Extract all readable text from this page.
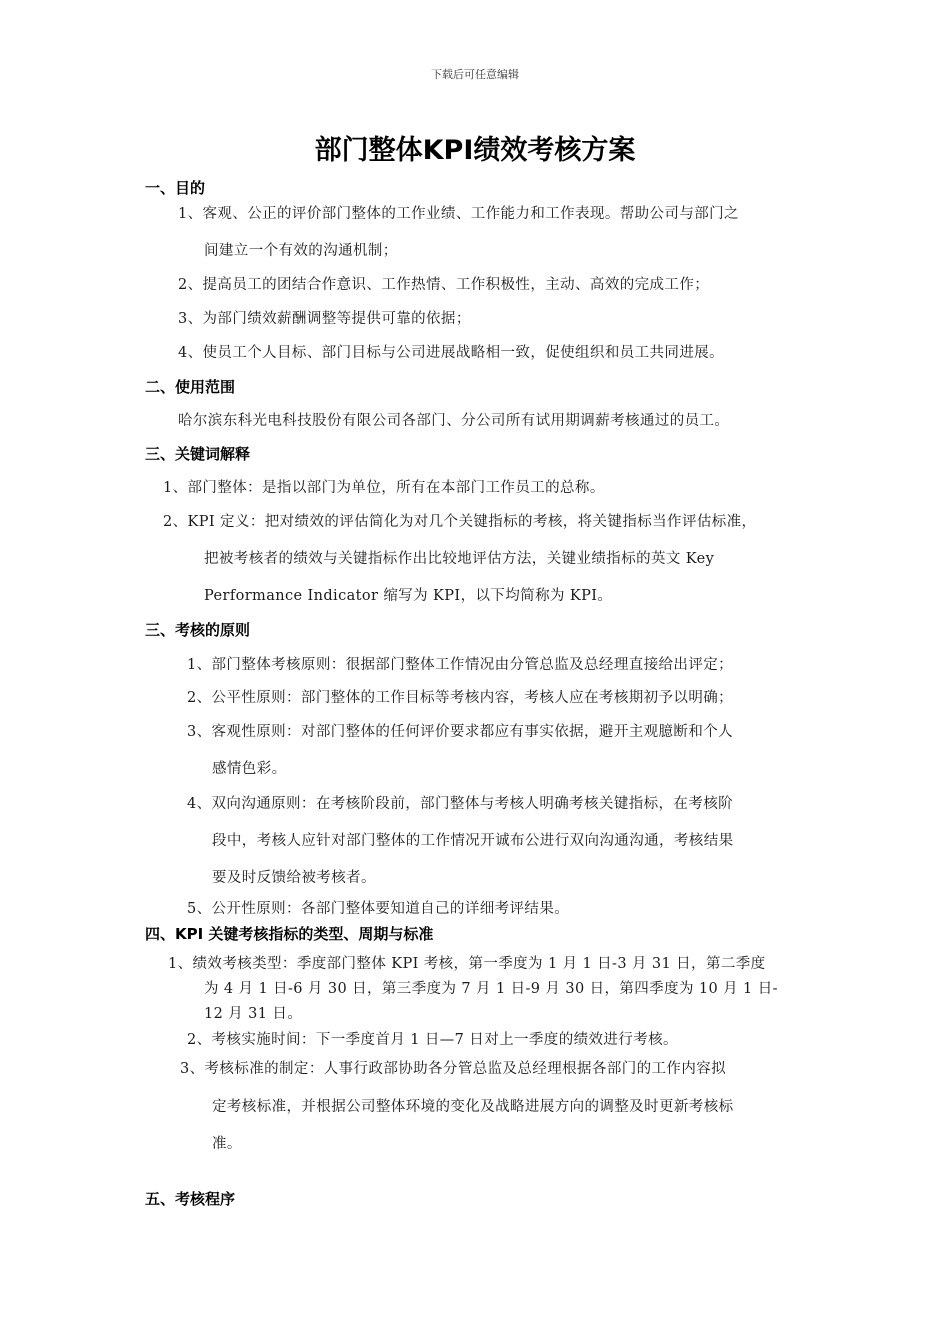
下载后可任意编辑
部门整体KPI绩效考核方案
一、目的
1、客观、公正的评价部门整体的工作业绩、工作能力和工作表现。帮助公司与部门之
间建立一个有效的沟通机制；
2、提高员工的团结合作意识、工作热情、工作积极性，主动、高效的完成工作；
3、为部门绩效薪酬调整等提供可靠的依据；
4、使员工个人目标、部门目标与公司进展战略相一致，促使组织和员工共同进展。
二、使用范围
哈尔滨东科光电科技股份有限公司各部门、分公司所有试用期调薪考核通过的员工。
三、关键词解释
1、部门整体：是指以部门为单位，所有在本部门工作员工的总称。
2、KPI 定义：把对绩效的评估简化为对几个关键指标的考核，将关键指标当作评估标准，
把被考核者的绩效与关键指标作出比较地评估方法，关键业绩指标的英文 Key
Performance Indicator 缩写为 KPI，以下均简称为 KPI。
三、考核的原则
1、部门整体考核原则：很据部门整体工作情况由分管总监及总经理直接给出评定；
2、公平性原则：部门整体的工作目标等考核内容，考核人应在考核期初予以明确；
3、客观性原则：对部门整体的任何评价要求都应有事实依据，避开主观臆断和个人
感情色彩。
4、双向沟通原则：在考核阶段前，部门整体与考核人明确考核关键指标，在考核阶
段中，考核人应针对部门整体的工作情况开诚布公进行双向沟通沟通，考核结果
要及时反馈给被考核者。
5、公开性原则：各部门整体要知道自己的详细考评结果。
四、KPI 关键考核指标的类型、周期与标准
1、绩效考核类型：季度部门整体 KPI 考核，第一季度为 1 月 1 日-3 月 31 日，第二季度
为 4 月 1 日-6 月 30 日，第三季度为 7 月 1 日-9 月 30 日，第四季度为 10 月 1 日-
12 月 31 日。
2、考核实施时间：下一季度首月 1 日—7 日对上一季度的绩效进行考核。
3、考核标准的制定：人事行政部协助各分管总监及总经理根据各部门的工作内容拟
定考核标准，并根据公司整体环境的变化及战略进展方向的调整及时更新考核标
准。
五、考核程序
